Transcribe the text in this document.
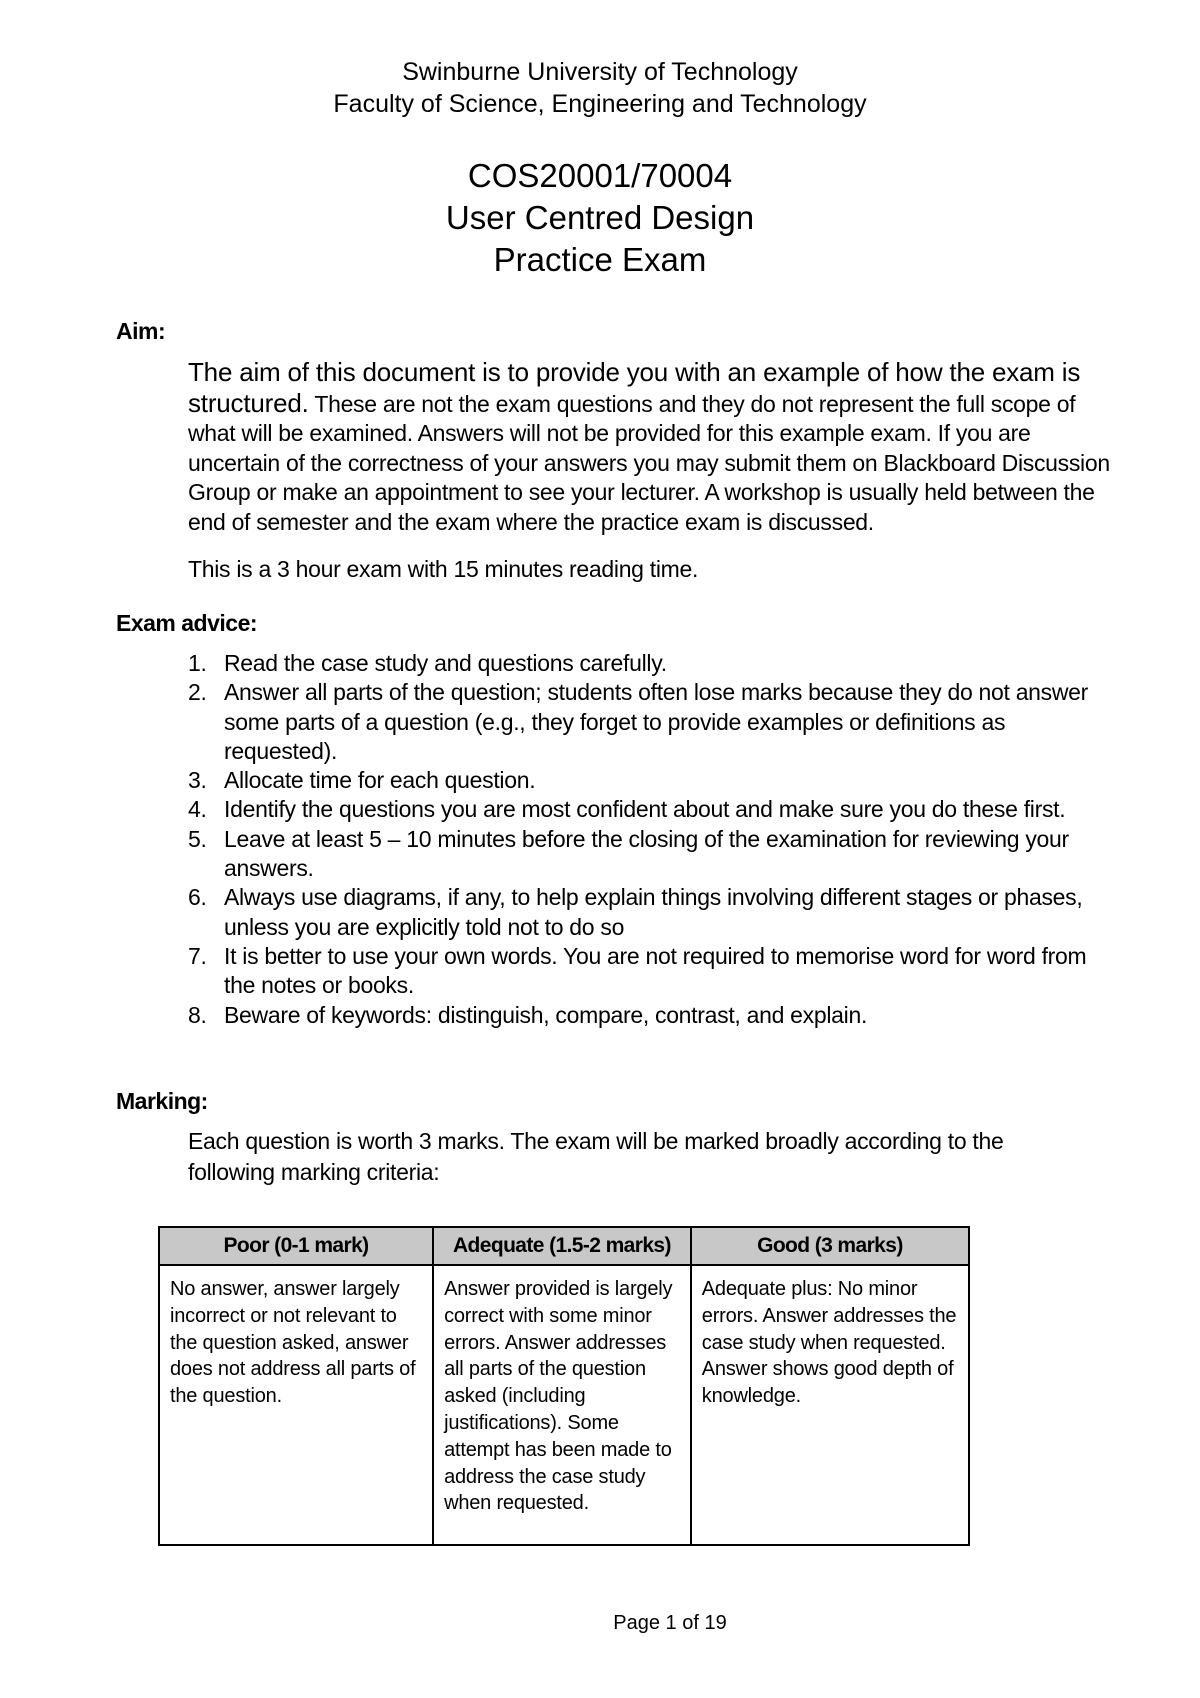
Swinburne University of Technology
Faculty of Science, Engineering and Technology
COS20001/70004
User Centred Design
Practice Exam
Aim:

The aim of this document is to provide you with an example of how the exam is structured. These are not the exam questions and they do not represent the full scope of what will be examined. Answers will not be provided for this example exam. If you are uncertain of the correctness of your answers you may submit them on Blackboard Discussion Group or make an appointment to see your lecturer. A workshop is usually held between the end of semester and the exam where the practice exam is discussed.

This is a 3 hour exam with 15 minutes reading time.
Exam advice:
1. Read the case study and questions carefully.
2. Answer all parts of the question; students often lose marks because they do not answer some parts of a question (e.g., they forget to provide examples or definitions as requested).
3. Allocate time for each question.
4. Identify the questions you are most confident about and make sure you do these first.
5. Leave at least 5 – 10 minutes before the closing of the examination for reviewing your answers.
6. Always use diagrams, if any, to help explain things involving different stages or phases, unless you are explicitly told not to do so
7. It is better to use your own words. You are not required to memorise word for word from the notes or books.
8. Beware of keywords: distinguish, compare, contrast, and explain.
Marking:
Each question is worth 3 marks. The exam will be marked broadly according to the following marking criteria:
Poor (0-1 mark)	Adequate (1.5-2 marks)	Good (3 marks)
No answer, answer largely incorrect or not relevant to the question asked, answer does not address all parts of the question.	Answer provided is largely correct with some minor errors. Answer addresses all parts of the question asked (including justifications). Some attempt has been made to address the case study when requested.	Adequate plus: No minor errors. Answer addresses the case study when requested. Answer shows good depth of knowledge.
Page 1 of 19
